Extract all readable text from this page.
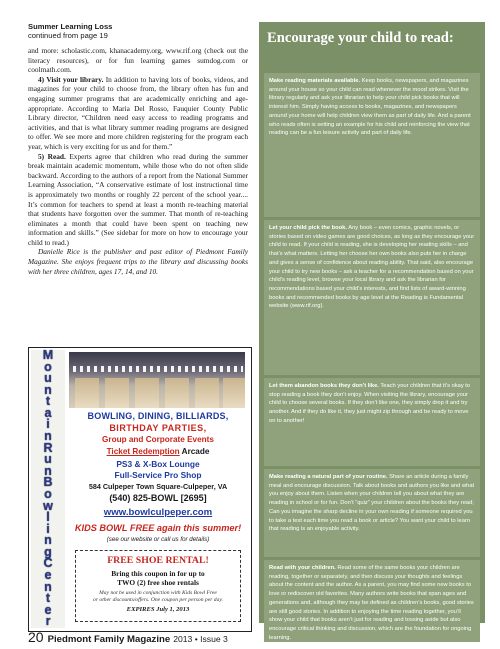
Summer Learning Loss
continued from page 19

and more: scholastic.com, khanacademy.org, www.rif.org (check out the literacy resources), or for fun learning games sumdog.com or coolmath.com.

4) Visit your library. In addition to having lots of books, videos, and magazines for your child to choose from, the library often has fun and engaging summer programs that are academically enriching and age-appropriate. According to Maria Del Rosso, Fauquier County Public Library director, “Children need easy access to reading programs and activities, and that is what library summer reading programs are designed to offer. We see more and more children registering for the program each year, which is very exciting for us and for them.”

5) Read. Experts agree that children who read during the summer break maintain academic momentum, while those who do not often slide backward. According to the authors of a report from the National Summer Learning Association, “A conservative estimate of lost instructional time is approximately two months or roughly 22 percent of the school year.... It’s common for teachers to spend at least a month re-teaching material that students have forgotten over the summer. That month of re-teaching eliminates a month that could have been spent on teaching new information and skills.” (See sidebar for more on how to encourage your child to read.)

Danielle Rice is the publisher and past editor of Piedmont Family Magazine. She enjoys frequent trips to the library and discussing books with her three children, ages 17, 14, and 10.

M
o
u
n
t
a
i
n
R
u
n
B
o
w
l
i
n
g
C
e
n
t
e
r
BOWLING, DINING, BILLIARDS,
BIRTHDAY PARTIES,
Group and Corporate Events
Ticket Redemption Arcade
PS3 & X-Box Lounge
Full-Service Pro Shop
584 Culpeper Town Square-Culpeper, VA
(540) 825-BOWL [2695]
www.bowlculpeper.com
KIDS BOWL FREE again this summer!
(see our website or call us for details)
FREE SHOE RENTAL!
Bring this coupon in for up to
TWO (2) free shoe rentals
May not be used in conjunction with Kids Bowl Free
or other discounts/offers. One coupon per person per day.
EXPIRES July 1, 2013
Encourage your child to read:

Make reading materials available. Keep books, newspapers, and magazines around your house so your child can read whenever the mood strikes. Visit the library regularly and ask your librarian to help your child pick books that will interest him. Simply having access to books, magazines, and newspapers around your home will help children view them as part of daily life. And a parent who reads often is setting an example for his child and reinforcing the view that reading can be a fun leisure activity and part of daily life.

Let your child pick the book. Any book – even comics, graphic novels, or stories based on video games are good choices, as long as they encourage your child to read. If your child is reading, she is developing her reading skills – and that’s what matters. Letting her choose her own books also puts her in charge and gives a sense of confidence about reading ability. That said, also encourage your child to try new books – ask a teacher for a recommendation based on your child’s reading level, browse your local library and ask the librarian for recommendations based your child’s interests, and find lists of award-winning books and recommended books by age level at the Reading is Fundamental website (www.rif.org).

Let them abandon books they don’t like. Teach your children that it’s okay to stop reading a book they don’t enjoy. When visiting the library, encourage your child to choose several books. If they don’t like one, they simply drop it and try another. And if they do like it, they just might zip through and be ready to move on to another!

Make reading a natural part of your routine. Share an article during a family meal and encourage discussion. Talk about books and authors you like and what you enjoy about them. Listen when your children tell you about what they are reading in school or for fun. Don’t “quiz” your children about the books they read; Can you imagine the sharp decline in your own reading if someone required you to take a test each time you read a book or article? You want your child to learn that reading is an enjoyable activity.

Read with your children. Read some of the same books your children are reading, together or separately, and then discuss your thoughts and feelings about the content and the author. As a parent, you may find some new books to love or rediscover old favorites. Many authors write books that span ages and generations and, although they may be defined as children’s books, good stories are still good stories. In addition to enjoying the time reading together, you’ll show your child that books aren’t just for reading and tossing aside but also encourage critical thinking and discussion, which are the foundation for ongoing learning.

20 Piedmont Family Magazine 2013 • Issue 3
